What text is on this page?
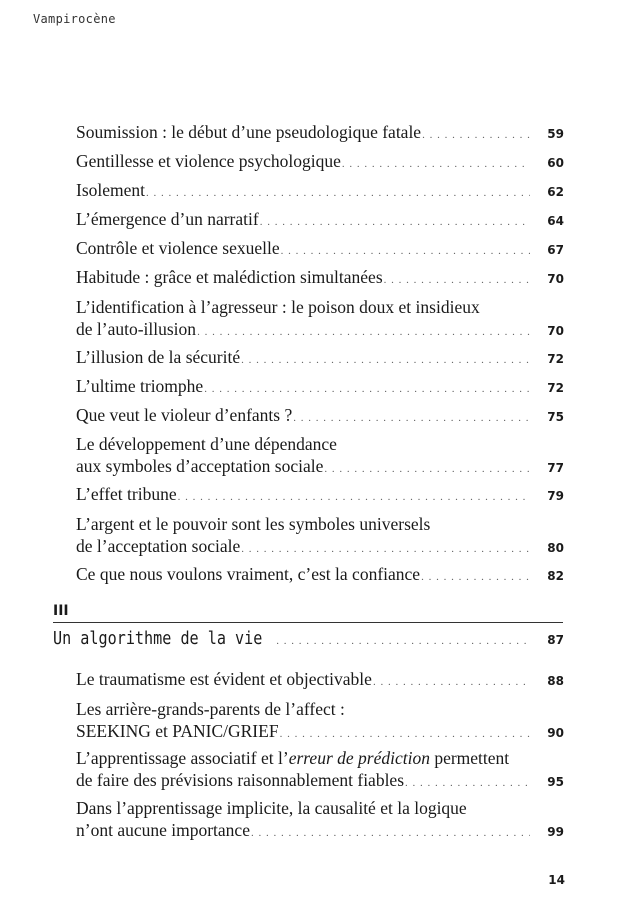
Vampirocène
Soumission : le début d’une pseudologique fatale . . .	59
Gentillesse et violence psychologique . . .	60
Isolement . . .	62
L’émergence d’un narratif . . .	64
Contrôle et violence sexuelle . . .	67
Habitude : grâce et malédiction simultanées . . .	70
L’identification à l’agresseur : le poison doux et insidieux
de l’auto-illusion . . .	70
L’illusion de la sécurité . . .	72
L’ultime triomphe . . .	72
Que veut le violeur d’enfants ? . . .	75
Le développement d’une dépendance
aux symboles d’acceptation sociale . . .	77
L’effet tribune . . .	79
L’argent et le pouvoir sont les symboles universels
de l’acceptation sociale . . .	80
Ce que nous voulons vraiment, c’est la confiance . . .	82
III
Un algorithme de la vie . . .	87
Le traumatisme est évident et objectivable . . .	88
Les arrière-grands-parents de l’affect :
SEEKING et PANIC/GRIEF . . .	90
L’apprentissage associatif et l’erreur de prédiction permettent
de faire des prévisions raisonnablement fiables . . .	95
Dans l’apprentissage implicite, la causalité et la logique
n’ont aucune importance . . .	99
14
